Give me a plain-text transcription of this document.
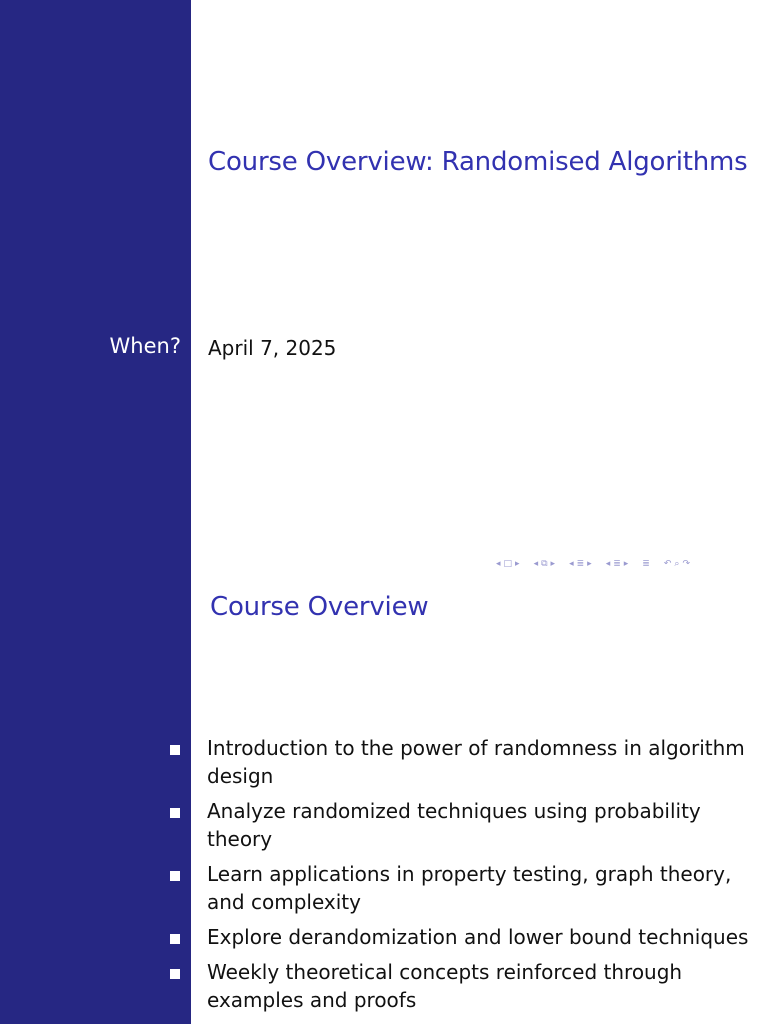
Course Overview: Randomised Algorithms
When? April 7, 2025
◂ □ ▸ ◂ ⧉ ▸ ◂ ≣ ▸ ◂ ≣ ▸ ≣ ↶ ⌕ ↷
Course Overview
Introduction to the power of randomness in algorithm design
Analyze randomized techniques using probability theory
Learn applications in property testing, graph theory, and complexity
Explore derandomization and lower bound techniques
Weekly theoretical concepts reinforced through examples and proofs
